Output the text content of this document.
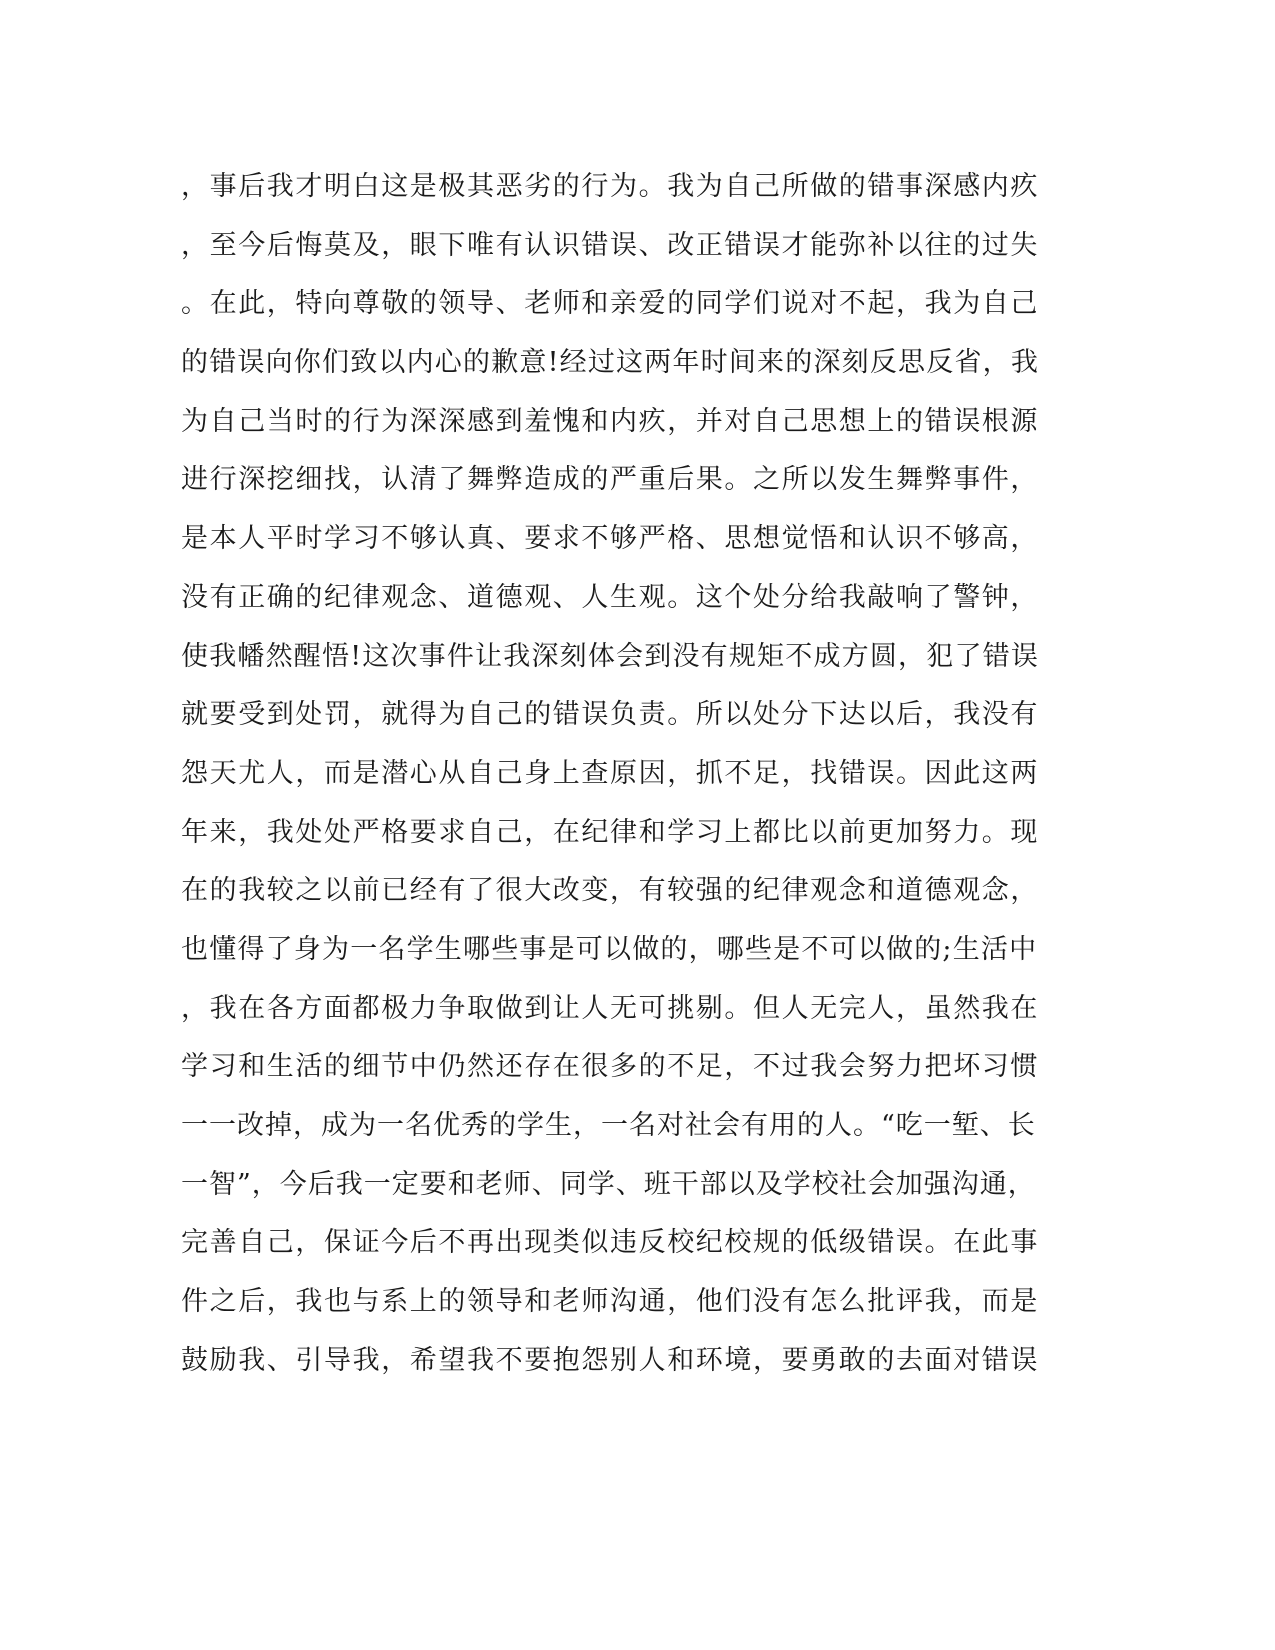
，事后我才明白这是极其恶劣的行为。我为自己所做的错事深感内疚
，至今后悔莫及，眼下唯有认识错误、改正错误才能弥补以往的过失
。在此，特向尊敬的领导、老师和亲爱的同学们说对不起，我为自己
的错误向你们致以内心的歉意!经过这两年时间来的深刻反思反省，我
为自己当时的行为深深感到羞愧和内疚，并对自己思想上的错误根源
进行深挖细找，认清了舞弊造成的严重后果。之所以发生舞弊事件，
是本人平时学习不够认真、要求不够严格、思想觉悟和认识不够高，
没有正确的纪律观念、道德观、人生观。这个处分给我敲响了警钟，
使我幡然醒悟!这次事件让我深刻体会到没有规矩不成方圆，犯了错误
就要受到处罚，就得为自己的错误负责。所以处分下达以后，我没有
怨天尤人，而是潜心从自己身上查原因，抓不足，找错误。因此这两
年来，我处处严格要求自己，在纪律和学习上都比以前更加努力。现
在的我较之以前已经有了很大改变，有较强的纪律观念和道德观念，
也懂得了身为一名学生哪些事是可以做的，哪些是不可以做的;生活中
，我在各方面都极力争取做到让人无可挑剔。但人无完人，虽然我在
学习和生活的细节中仍然还存在很多的不足，不过我会努力把坏习惯
一一改掉，成为一名优秀的学生，一名对社会有用的人。“吃一堑、长
一智”，今后我一定要和老师、同学、班干部以及学校社会加强沟通，
完善自己，保证今后不再出现类似违反校纪校规的低级错误。在此事
件之后，我也与系上的领导和老师沟通，他们没有怎么批评我，而是
鼓励我、引导我，希望我不要抱怨别人和环境，要勇敢的去面对错误
